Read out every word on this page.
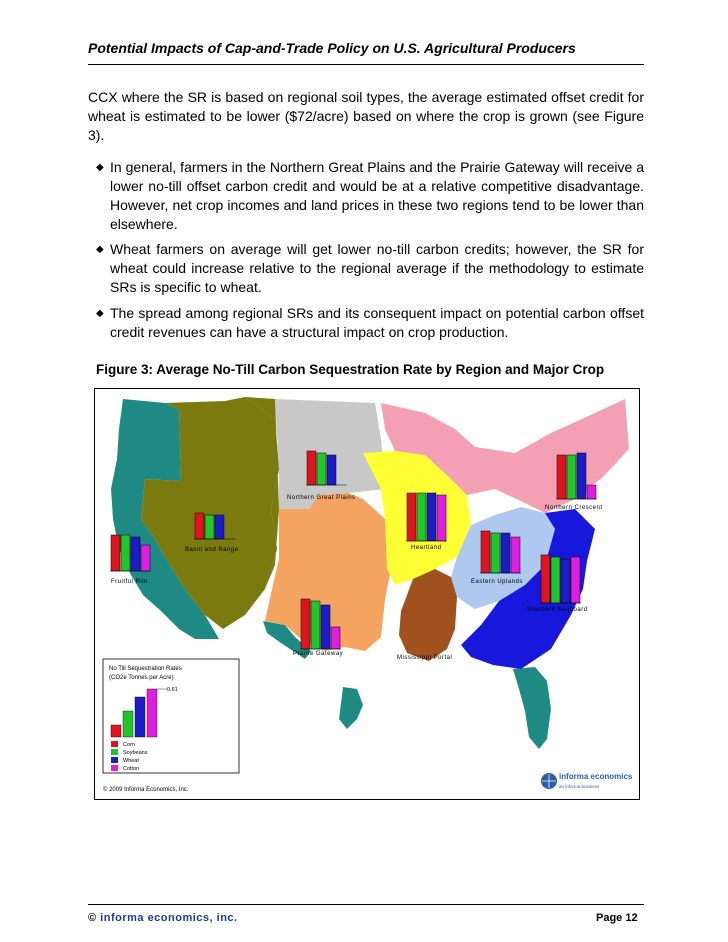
Potential Impacts of Cap-and-Trade Policy on U.S. Agricultural Producers
CCX where the SR is based on regional soil types, the average estimated offset credit for wheat is estimated to be lower ($72/acre) based on where the crop is grown (see Figure 3).
◆ In general, farmers in the Northern Great Plains and the Prairie Gateway will receive a lower no-till offset carbon credit and would be at a relative competitive disadvantage. However, net crop incomes and land prices in these two regions tend to be lower than elsewhere.
◆ Wheat farmers on average will get lower no-till carbon credits; however, the SR for wheat could increase relative to the regional average if the methodology to estimate SRs is specific to wheat.
◆ The spread among regional SRs and its consequent impact on potential carbon offset credit revenues can have a structural impact on crop production.
Figure 3: Average No-Till Carbon Sequestration Rate by Region and Major Crop
Northern Great Plains
Northern Crescent
Basin and Range	Heartland
Fruitful Rim	Eastern Uplands
Southern Seaboard
Prairie Gateway
Mississippi Portal
No Till Sequestration Rates
(CO2e Tonnes per Acre)
0.61
Corn
Soybeans
Wheat
Cotton
© 2009 Informa Economics, Inc.
informa economics
an informa business
© informa economics, inc.	Page 12
